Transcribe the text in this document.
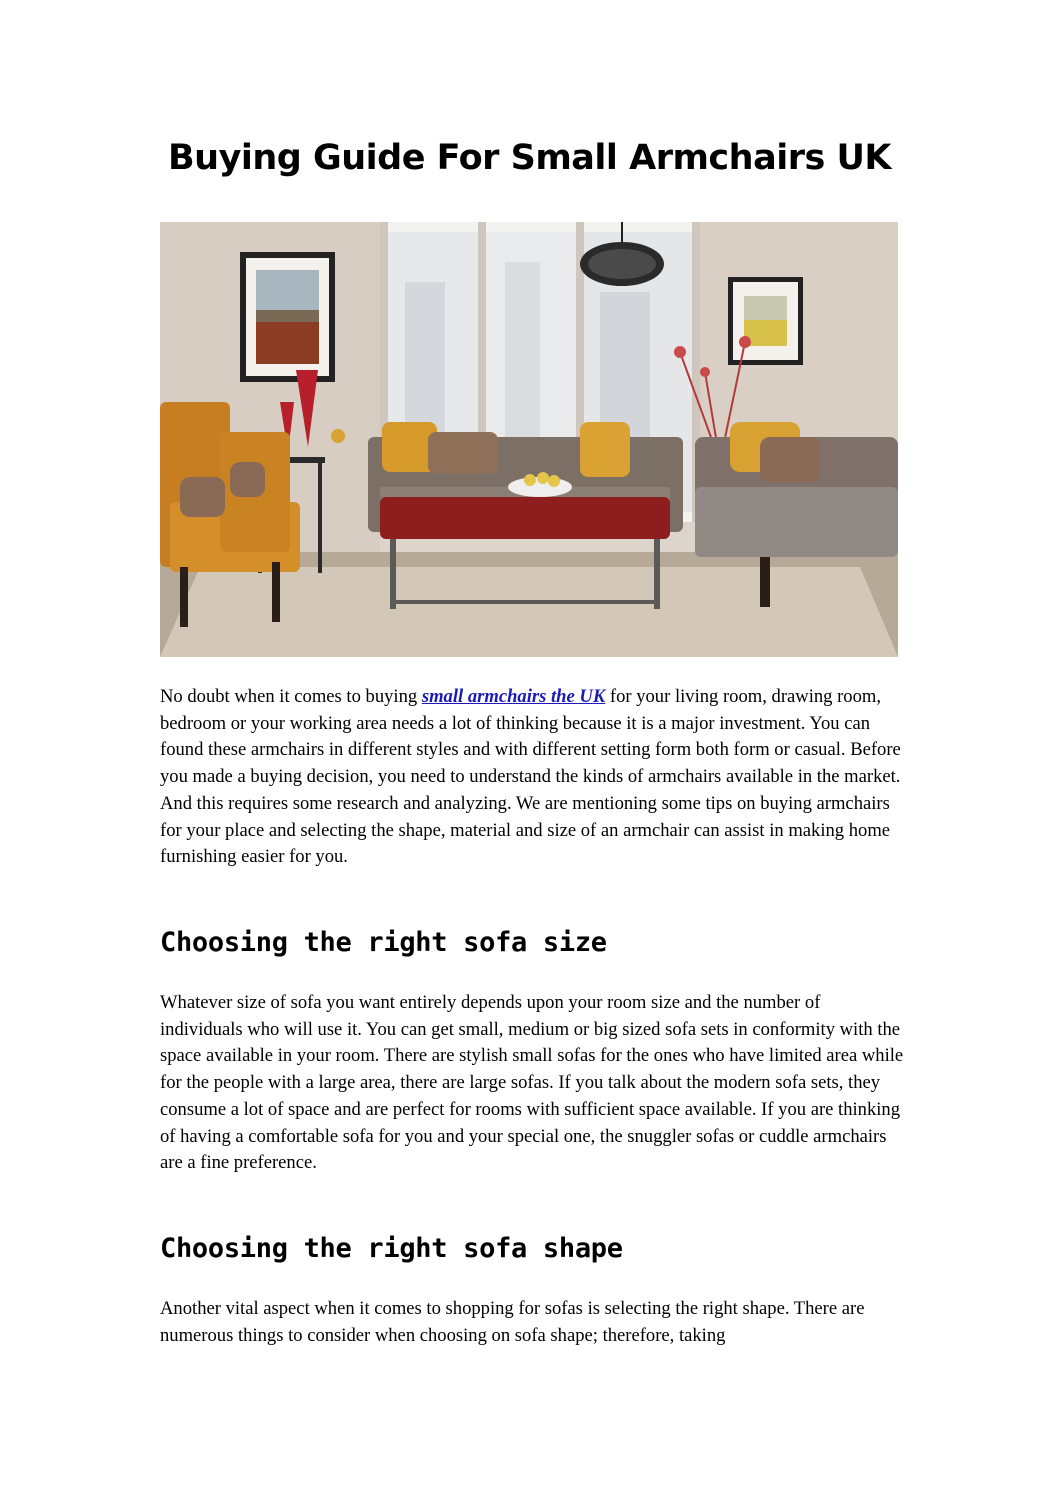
Buying Guide For Small Armchairs UK

No doubt when it comes to buying small armchairs the UK for your living room, drawing room, bedroom or your working area needs a lot of thinking because it is a major investment. You can found these armchairs in different styles and with different setting form both form or casual. Before you made a buying decision, you need to understand the kinds of armchairs available in the market. And this requires some research and analyzing. We are mentioning some tips on buying armchairs for your place and selecting the shape, material and size of an armchair can assist in making home furnishing easier for you.

Choosing the right sofa size

Whatever size of sofa you want entirely depends upon your room size and the number of individuals who will use it. You can get small, medium or big sized sofa sets in conformity with the space available in your room. There are stylish small sofas for the ones who have limited area while for the people with a large area, there are large sofas. If you talk about the modern sofa sets, they consume a lot of space and are perfect for rooms with sufficient space available. If you are thinking of having a comfortable sofa for you and your special one, the snuggler sofas or cuddle armchairs are a fine preference.

Choosing the right sofa shape

Another vital aspect when it comes to shopping for sofas is selecting the right shape. There are numerous things to consider when choosing on sofa shape; therefore, taking
